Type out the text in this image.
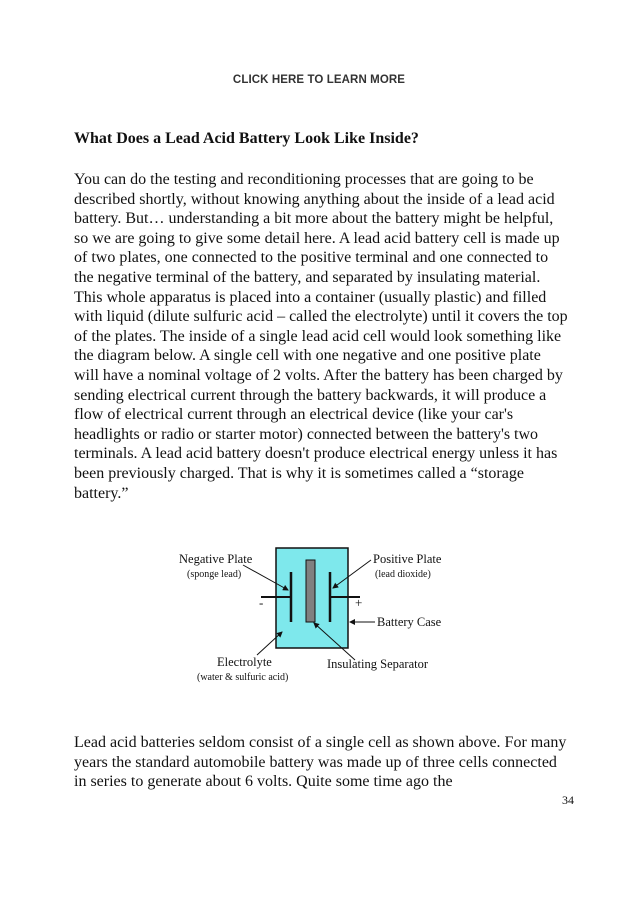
CLICK HERE TO LEARN MORE
What Does a Lead Acid Battery Look Like Inside?

You can do the testing and reconditioning processes that are going to be described shortly, without knowing anything about the inside of a lead acid battery. But… understanding a bit more about the battery might be helpful, so we are going to give some detail here. A lead acid battery cell is made up of two plates, one connected to the positive terminal and one connected to the negative terminal of the battery, and separated by insulating material. This whole apparatus is placed into a container (usually plastic) and filled with liquid (dilute sulfuric acid – called the electrolyte) until it covers the top of the plates. The inside of a single lead acid cell would look something like the diagram below. A single cell with one negative and one positive plate will have a nominal voltage of 2 volts. After the battery has been charged by sending electrical current through the battery backwards, it will produce a flow of electrical current through an electrical device (like your car's headlights or radio or starter motor) connected between the battery's two terminals. A lead acid battery doesn't produce electrical energy unless it has been previously charged. That is why it is sometimes called a “storage battery.”

Negative Plate
(sponge lead)
Positive Plate
(lead dioxide)
-	+
Battery Case
Electrolyte
(water & sulfuric acid)
Insulating Separator

Lead acid batteries seldom consist of a single cell as shown above. For many years the standard automobile battery was made up of three cells connected in series to generate about 6 volts. Quite some time ago the

34
